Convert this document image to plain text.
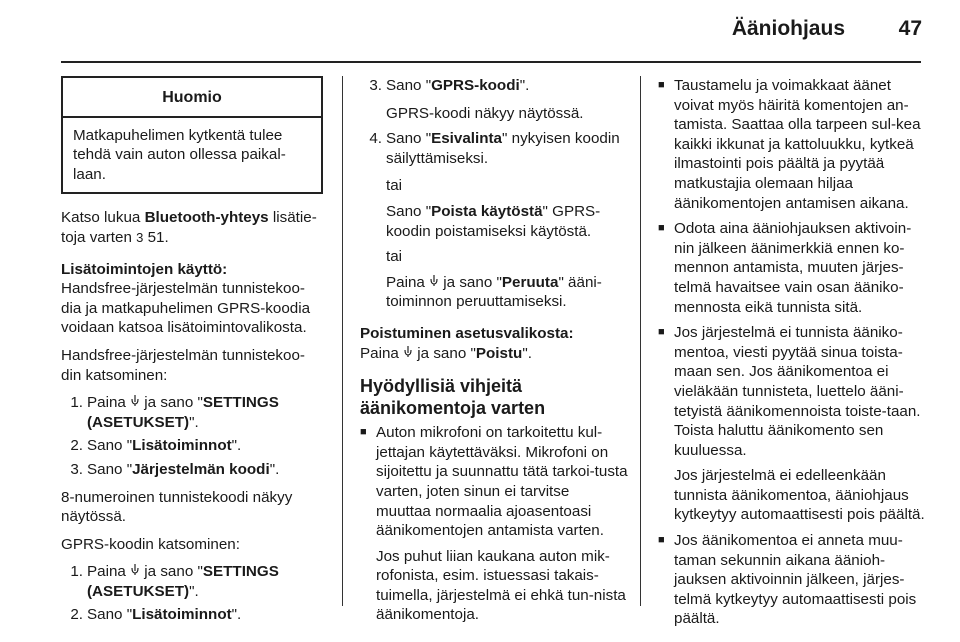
Ääniohjaus	47
Huomio
Matkapuhelimen kytkentä tulee tehdä vain auton ollessa paikal-laan.

Katso lukua Bluetooth-yhteys lisätie-toja varten 3 51.

Lisätoimintojen käyttö:

Handsfree-järjestelmän tunnistekoo-dia ja matkapuhelimen GPRS-koodia voidaan katsoa lisätoimintovalikosta.

Handsfree-järjestelmän tunnistekoo-din katsominen:

1. Paina  ja sano "SETTINGS (ASETUKSET)".
2. Sano "Lisätoiminnot".
3. Sano "Järjestelmän koodi".

8-numeroinen tunnistekoodi näkyy näytössä.

GPRS-koodin katsominen:

1. Paina  ja sano "SETTINGS (ASETUKSET)".
2. Sano "Lisätoiminnot".
3. Sano "GPRS-koodi".
GPRS-koodi näkyy näytössä.
4. Sano "Esivalinta" nykyisen koodin säilyttämiseksi.
tai
Sano "Poista käytöstä" GPRS-koodin poistamiseksi käytöstä.
tai
Paina  ja sano "Peruuta" ääni-toiminnon peruuttamiseksi.
Poistuminen asetusvalikosta:

Paina  ja sano "Poistu".

Hyödyllisiä vihjeitä äänikomentoja varten
■ Auton mikrofoni on tarkoitettu kul-jettajan käytettäväksi. Mikrofoni on sijoitettu ja suunnattu tätä tarkoi-tusta varten, joten sinun ei tarvitse muuttaa normaalia ajoasentoasi äänikomentojen antamista varten.
Jos puhut liian kaukana auton mik-rofonista, esim. istuessasi takais-tuimella, järjestelmä ei ehkä tun-nista äänikomentoja.
■ Taustamelu ja voimakkaat äänet voivat myös häiritä komentojen an-tamista. Saattaa olla tarpeen sul-kea kaikki ikkunat ja kattoluukku, kytkeä ilmastointi pois päältä ja pyytää matkustajia olemaan hiljaa äänikomentojen antamisen aikana.
■ Odota aina ääniohjauksen aktivoin-nin jälkeen äänimerkkiä ennen ko-mennon antamista, muuten järjes-telmä havaitsee vain osan ääniko-mennosta eikä tunnista sitä.
■ Jos järjestelmä ei tunnista ääniko-mentoa, viesti pyytää sinua toista-maan sen. Jos äänikomentoa ei vieläkään tunnisteta, luettelo ääni-tetyistä äänikomennoista toiste-taan. Toista haluttu äänikomento sen kuuluessa.
Jos järjestelmä ei edelleenkään tunnista äänikomentoa, ääniohjaus kytkeytyy automaattisesti pois päältä.
■ Jos äänikomentoa ei anneta muu-taman sekunnin aikana äänioh-jauksen aktivoinnin jälkeen, järjes-telmä kytkeytyy automaattisesti pois päältä.
